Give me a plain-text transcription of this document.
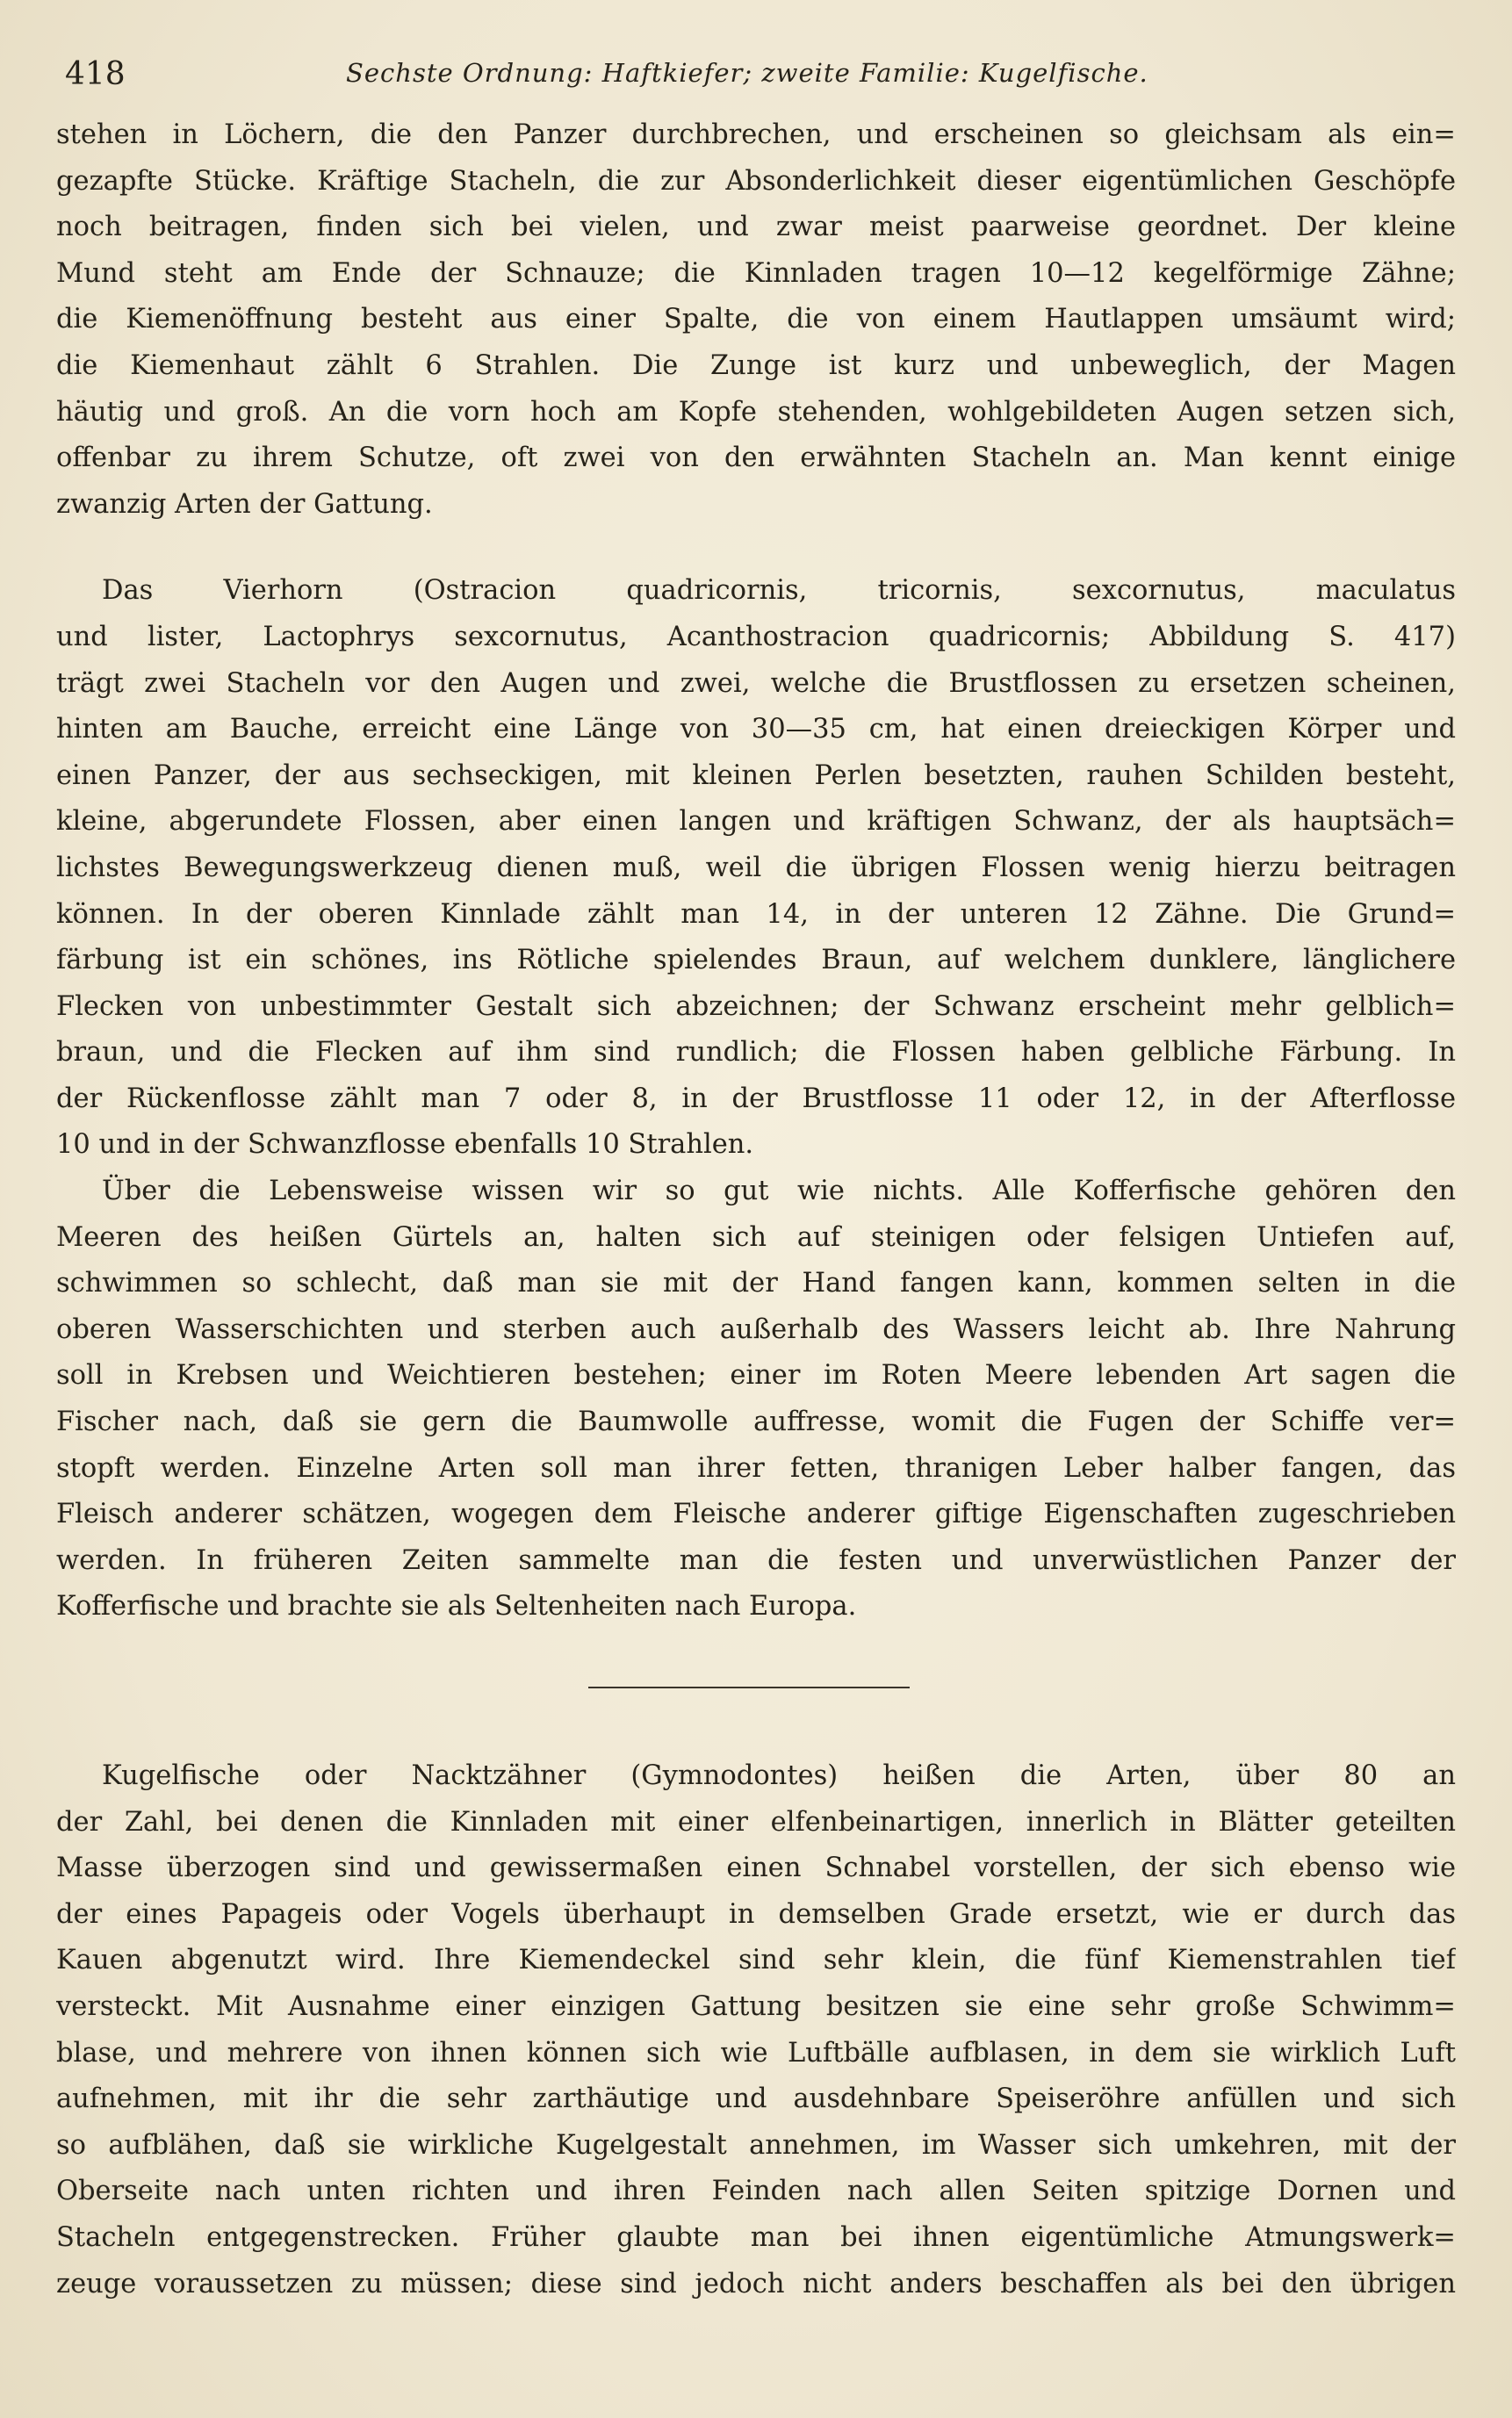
418	Sechste Ordnung: Haftkiefer; zweite Familie: Kugelfische.
stehen in Löchern, die den Panzer durchbrechen, und erscheinen so gleichsam als ein=
gezapfte Stücke. Kräftige Stacheln, die zur Absonderlichkeit dieser eigentümlichen Geschöpfe
noch beitragen, finden sich bei vielen, und zwar meist paarweise geordnet. Der kleine
Mund steht am Ende der Schnauze; die Kinnladen tragen 10—12 kegelförmige Zähne;
die Kiemenöffnung besteht aus einer Spalte, die von einem Hautlappen umsäumt wird;
die Kiemenhaut zählt 6 Strahlen. Die Zunge ist kurz und unbeweglich, der Magen
häutig und groß. An die vorn hoch am Kopfe stehenden, wohlgebildeten Augen setzen sich,
offenbar zu ihrem Schutze, oft zwei von den erwähnten Stacheln an. Man kennt einige
zwanzig Arten der Gattung.
Das Vierhorn (Ostracion quadricornis, tricornis, sexcornutus, maculatus
und lister, Lactophrys sexcornutus, Acanthostracion quadricornis; Abbildung S. 417)
trägt zwei Stacheln vor den Augen und zwei, welche die Brustflossen zu ersetzen scheinen,
hinten am Bauche, erreicht eine Länge von 30—35 cm, hat einen dreieckigen Körper und
einen Panzer, der aus sechseckigen, mit kleinen Perlen besetzten, rauhen Schilden besteht,
kleine, abgerundete Flossen, aber einen langen und kräftigen Schwanz, der als hauptsäch=
lichstes Bewegungswerkzeug dienen muß, weil die übrigen Flossen wenig hierzu beitragen
können. In der oberen Kinnlade zählt man 14, in der unteren 12 Zähne. Die Grund=
färbung ist ein schönes, ins Rötliche spielendes Braun, auf welchem dunklere, länglichere
Flecken von unbestimmter Gestalt sich abzeichnen; der Schwanz erscheint mehr gelblich=
braun, und die Flecken auf ihm sind rundlich; die Flossen haben gelbliche Färbung. In
der Rückenflosse zählt man 7 oder 8, in der Brustflosse 11 oder 12, in der Afterflosse
10 und in der Schwanzflosse ebenfalls 10 Strahlen.
Über die Lebensweise wissen wir so gut wie nichts. Alle Kofferfische gehören den
Meeren des heißen Gürtels an, halten sich auf steinigen oder felsigen Untiefen auf,
schwimmen so schlecht, daß man sie mit der Hand fangen kann, kommen selten in die
oberen Wasserschichten und sterben auch außerhalb des Wassers leicht ab. Ihre Nahrung
soll in Krebsen und Weichtieren bestehen; einer im Roten Meere lebenden Art sagen die
Fischer nach, daß sie gern die Baumwolle auffresse, womit die Fugen der Schiffe ver=
stopft werden. Einzelne Arten soll man ihrer fetten, thranigen Leber halber fangen, das
Fleisch anderer schätzen, wogegen dem Fleische anderer giftige Eigenschaften zugeschrieben
werden. In früheren Zeiten sammelte man die festen und unverwüstlichen Panzer der
Kofferfische und brachte sie als Seltenheiten nach Europa.
Kugelfische oder Nacktzähner (Gymnodontes) heißen die Arten, über 80 an
der Zahl, bei denen die Kinnladen mit einer elfenbeinartigen, innerlich in Blätter geteilten
Masse überzogen sind und gewissermaßen einen Schnabel vorstellen, der sich ebenso wie
der eines Papageis oder Vogels überhaupt in demselben Grade ersetzt, wie er durch das
Kauen abgenutzt wird. Ihre Kiemendeckel sind sehr klein, die fünf Kiemenstrahlen tief
versteckt. Mit Ausnahme einer einzigen Gattung besitzen sie eine sehr große Schwimm=
blase, und mehrere von ihnen können sich wie Luftbälle aufblasen, in dem sie wirklich Luft
aufnehmen, mit ihr die sehr zarthäutige und ausdehnbare Speiseröhre anfüllen und sich
so aufblähen, daß sie wirkliche Kugelgestalt annehmen, im Wasser sich umkehren, mit der
Oberseite nach unten richten und ihren Feinden nach allen Seiten spitzige Dornen und
Stacheln entgegenstrecken. Früher glaubte man bei ihnen eigentümliche Atmungswerk=
zeuge voraussetzen zu müssen; diese sind jedoch nicht anders beschaffen als bei den übrigen
